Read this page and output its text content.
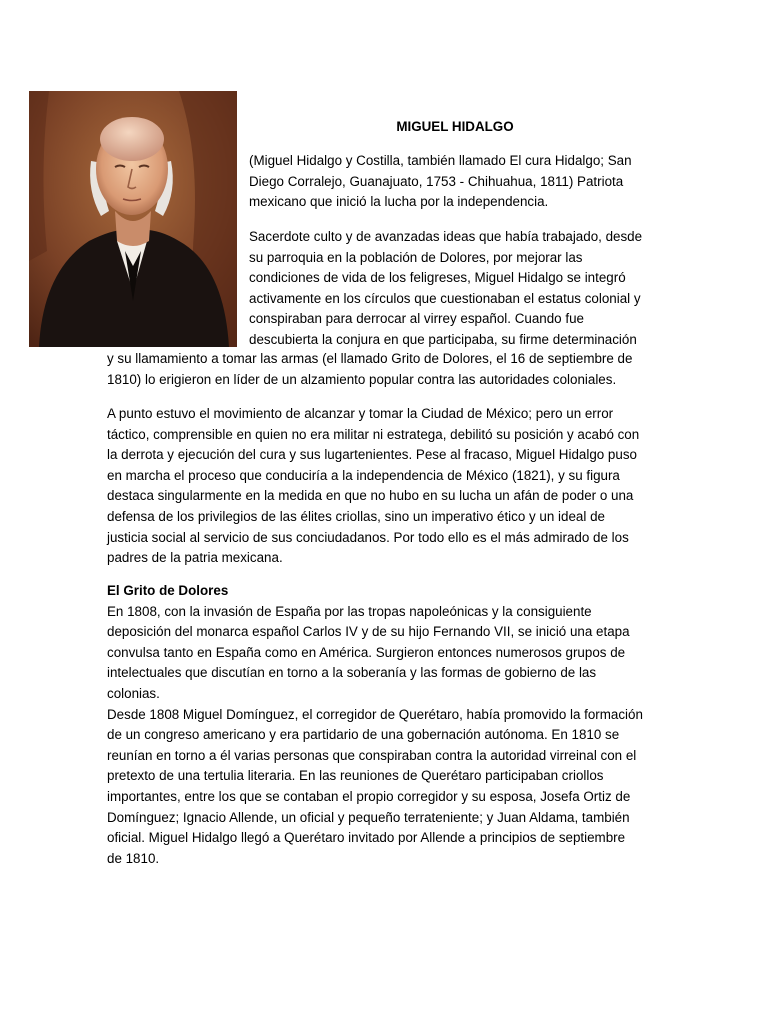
MIGUEL HIDALGO
(Miguel Hidalgo y Costilla, también llamado El cura Hidalgo; San
Diego Corralejo, Guanajuato, 1753 - Chihuahua, 1811) Patriota
mexicano que inició la lucha por la independencia.
Sacerdote culto y de avanzadas ideas que había trabajado, desde
su parroquia en la población de Dolores, por mejorar las
condiciones de vida de los feligreses, Miguel Hidalgo se integró
activamente en los círculos que cuestionaban el estatus colonial y
conspiraban para derrocar al virrey español. Cuando fue
descubierta la conjura en que participaba, su firme determinación
y su llamamiento a tomar las armas (el llamado Grito de Dolores, el 16 de septiembre de
1810) lo erigieron en líder de un alzamiento popular contra las autoridades coloniales.
A punto estuvo el movimiento de alcanzar y tomar la Ciudad de México; pero un error
táctico, comprensible en quien no era militar ni estratega, debilitó su posición y acabó con
la derrota y ejecución del cura y sus lugartenientes. Pese al fracaso, Miguel Hidalgo puso
en marcha el proceso que conduciría a la independencia de México (1821), y su figura
destaca singularmente en la medida en que no hubo en su lucha un afán de poder o una
defensa de los privilegios de las élites criollas, sino un imperativo ético y un ideal de
justicia social al servicio de sus conciudadanos. Por todo ello es el más admirado de los
padres de la patria mexicana.
El Grito de Dolores
En 1808, con la invasión de España por las tropas napoleónicas y la consiguiente
deposición del monarca español Carlos IV y de su hijo Fernando VII, se inició una etapa
convulsa tanto en España como en América. Surgieron entonces numerosos grupos de
intelectuales que discutían en torno a la soberanía y las formas de gobierno de las
colonias.
Desde 1808 Miguel Domínguez, el corregidor de Querétaro, había promovido la formación
de un congreso americano y era partidario de una gobernación autónoma. En 1810 se
reunían en torno a él varias personas que conspiraban contra la autoridad virreinal con el
pretexto de una tertulia literaria. En las reuniones de Querétaro participaban criollos
importantes, entre los que se contaban el propio corregidor y su esposa, Josefa Ortiz de
Domínguez; Ignacio Allende, un oficial y pequeño terrateniente; y Juan Aldama, también
oficial. Miguel Hidalgo llegó a Querétaro invitado por Allende a principios de septiembre
de 1810.
